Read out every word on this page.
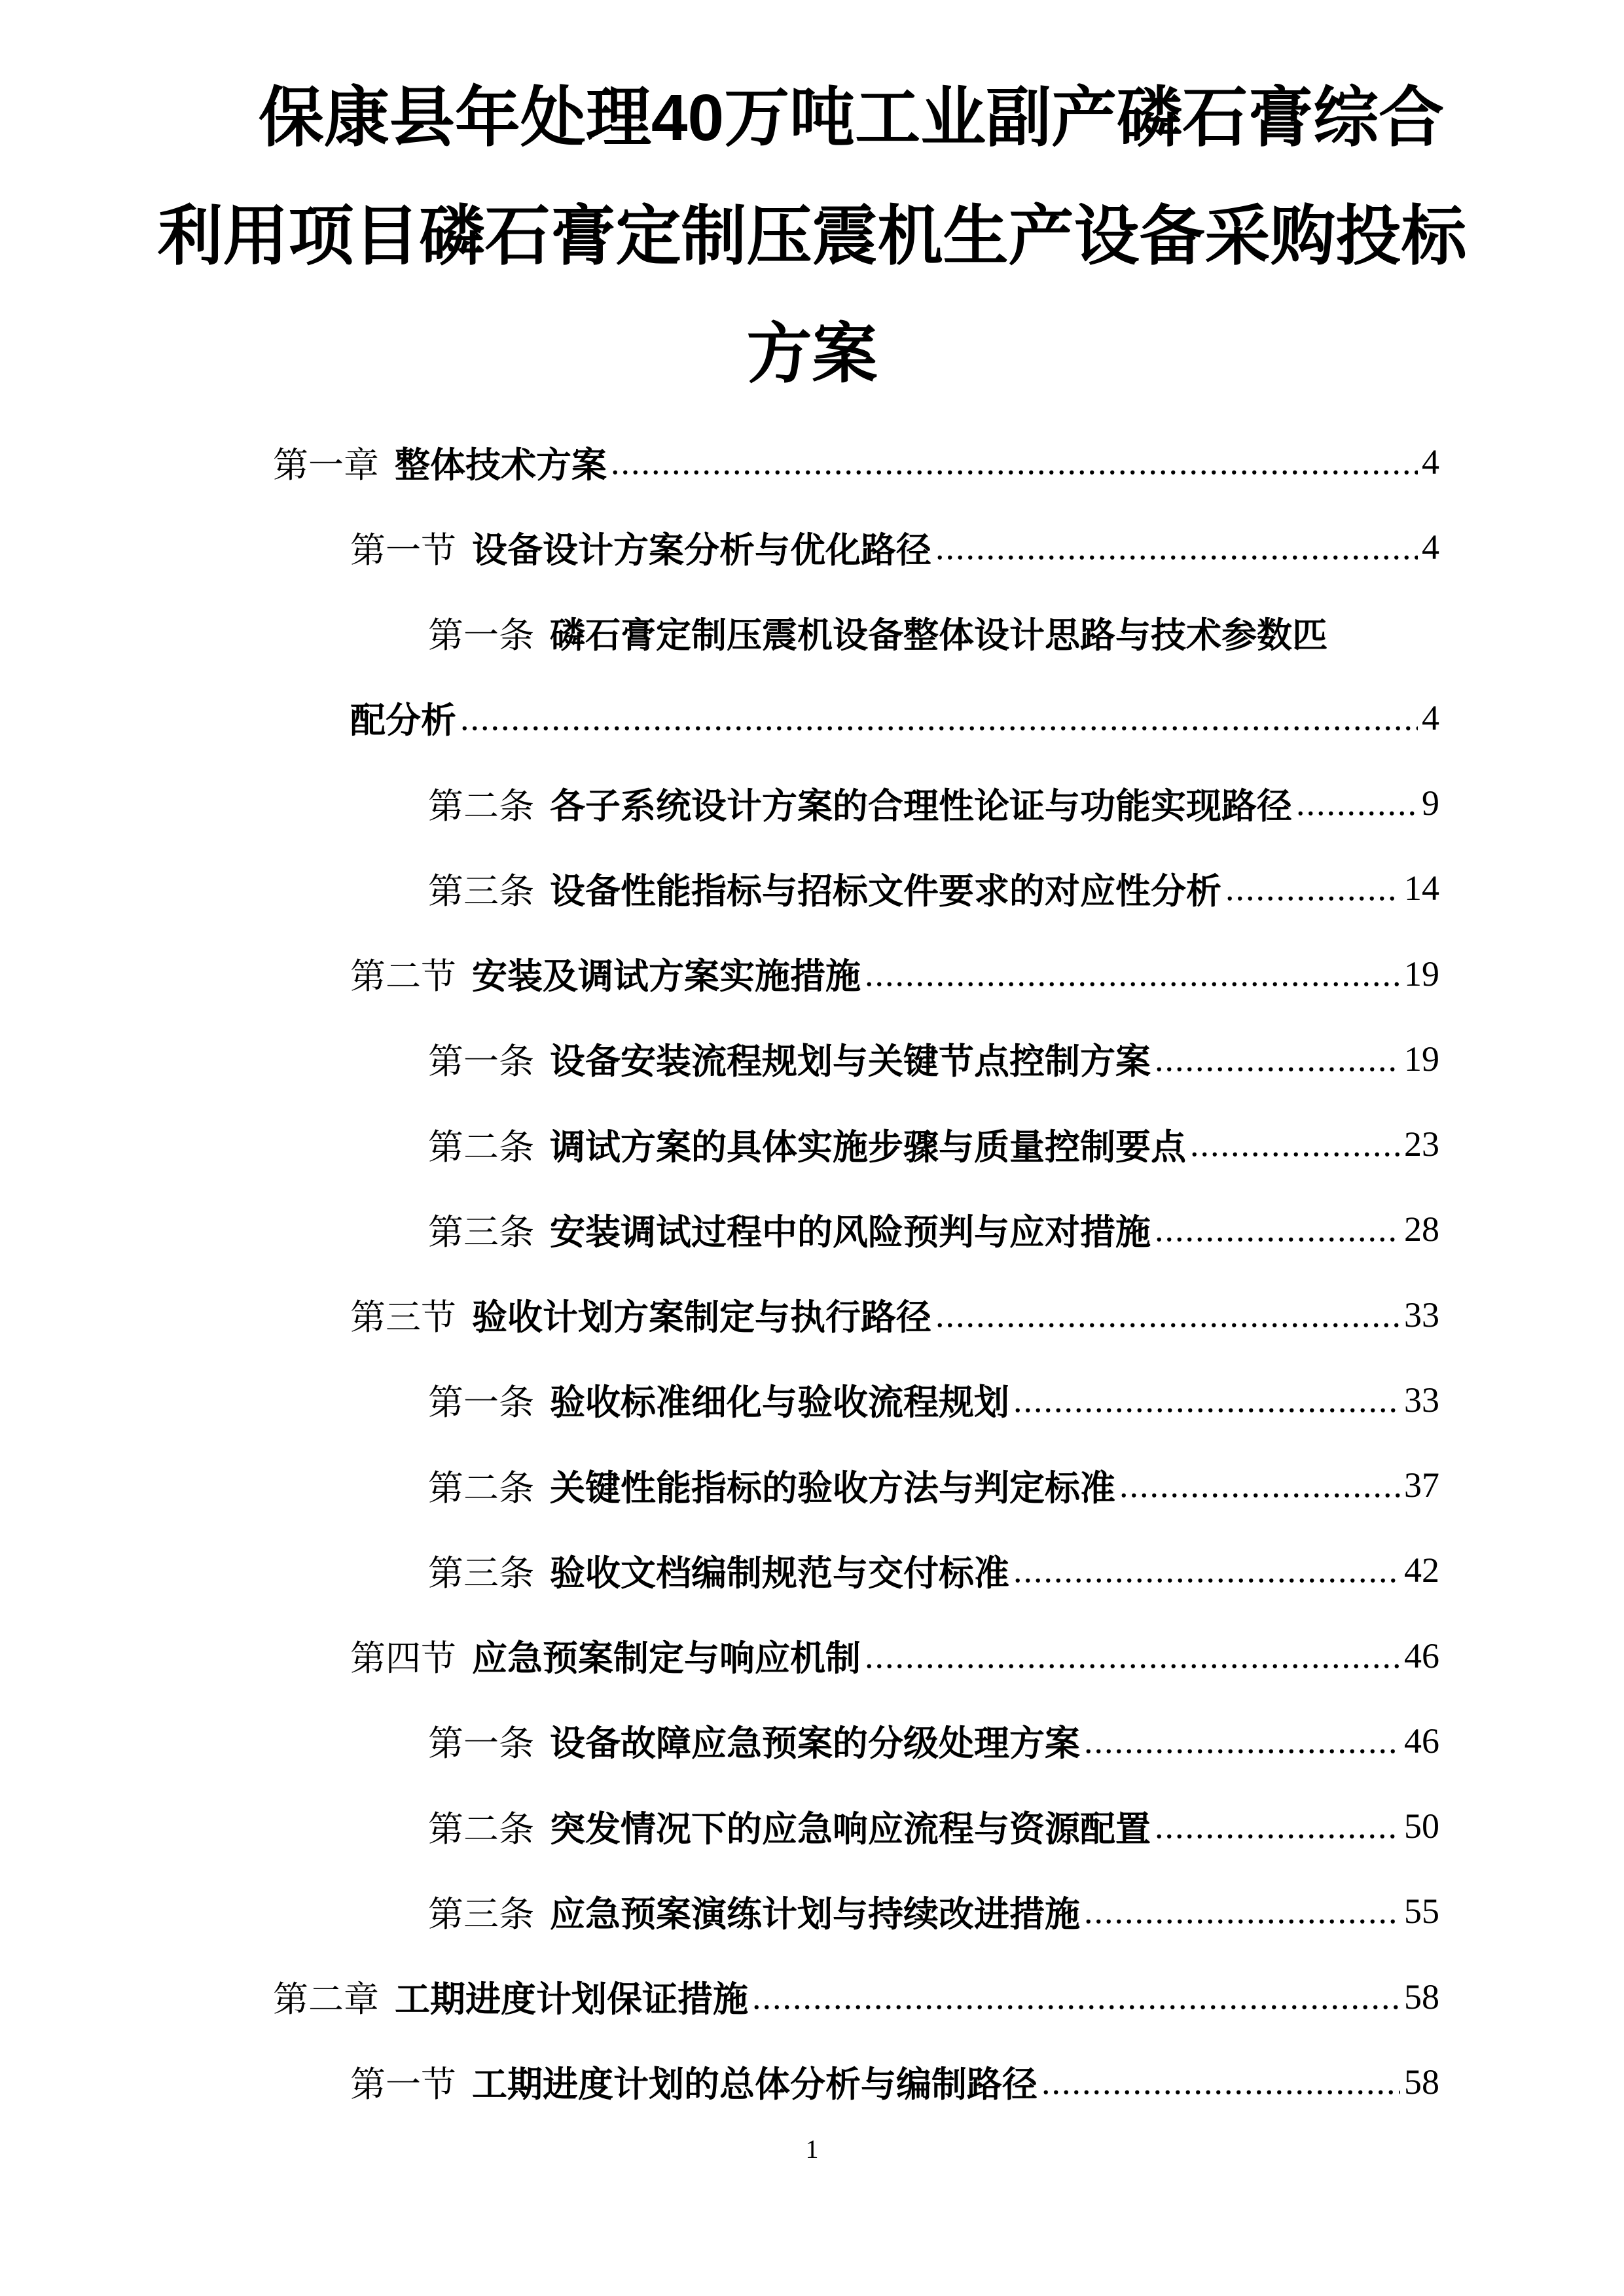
保康县年处理40万吨工业副产磷石膏综合
利用项目磷石膏定制压震机生产设备采购投标
方案
第一章 整体技术方案 .....	4
第一节 设备设计方案分析与优化路径 .....	4
第一条 磷石膏定制压震机设备整体设计思路与技术参数匹
配分析 .....	4
第二条 各子系统设计方案的合理性论证与功能实现路径 .....	9
第三条 设备性能指标与招标文件要求的对应性分析 .....	14
第二节 安装及调试方案实施措施 .....	19
第一条 设备安装流程规划与关键节点控制方案 .....	19
第二条 调试方案的具体实施步骤与质量控制要点 .....	23
第三条 安装调试过程中的风险预判与应对措施 .....	28
第三节 验收计划方案制定与执行路径 .....	33
第一条 验收标准细化与验收流程规划 .....	33
第二条 关键性能指标的验收方法与判定标准 .....	37
第三条 验收文档编制规范与交付标准 .....	42
第四节 应急预案制定与响应机制 .....	46
第一条 设备故障应急预案的分级处理方案 .....	46
第二条 突发情况下的应急响应流程与资源配置 .....	50
第三条 应急预案演练计划与持续改进措施 .....	55
第二章 工期进度计划保证措施 .....	58
第一节 工期进度计划的总体分析与编制路径 .....	58
1
